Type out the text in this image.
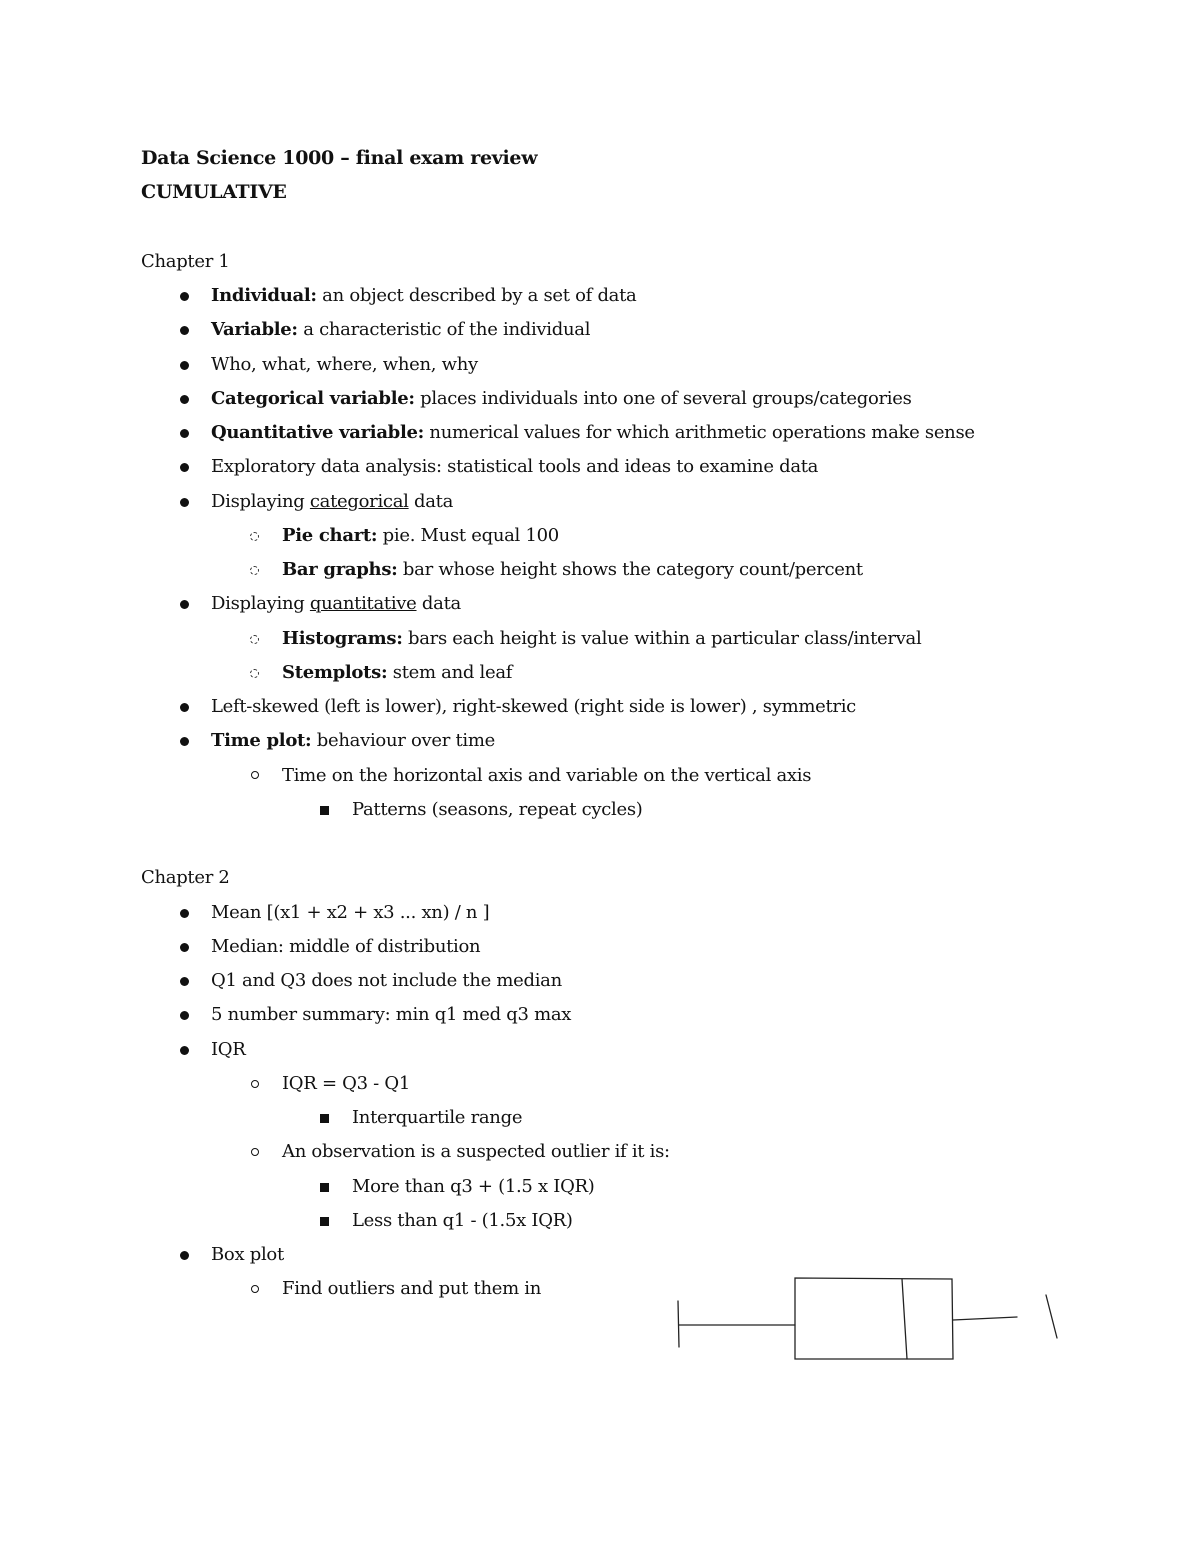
Data Science 1000 – final exam review
CUMULATIVE
Chapter 1
Individual: an object described by a set of data
Variable: a characteristic of the individual
Who, what, where, when, why
Categorical variable: places individuals into one of several groups/categories
Quantitative variable: numerical values for which arithmetic operations make sense
Exploratory data analysis: statistical tools and ideas to examine data
Displaying categorical data
Pie chart: pie. Must equal 100
Bar graphs: bar whose height shows the category count/percent
Displaying quantitative data
Histograms: bars each height is value within a particular class/interval
Stemplots: stem and leaf
Left-skewed (left is lower), right-skewed (right side is lower) , symmetric
Time plot: behaviour over time
Time on the horizontal axis and variable on the vertical axis
Patterns (seasons, repeat cycles)
Chapter 2
Mean [(x1 + x2 + x3 ... xn) / n ]
Median: middle of distribution
Q1 and Q3 does not include the median
5 number summary: min q1 med q3 max
IQR
IQR = Q3 - Q1
Interquartile range
An observation is a suspected outlier if it is:
More than q3 + (1.5 x IQR)
Less than q1 - (1.5x IQR)
Box plot
Find outliers and put them in
